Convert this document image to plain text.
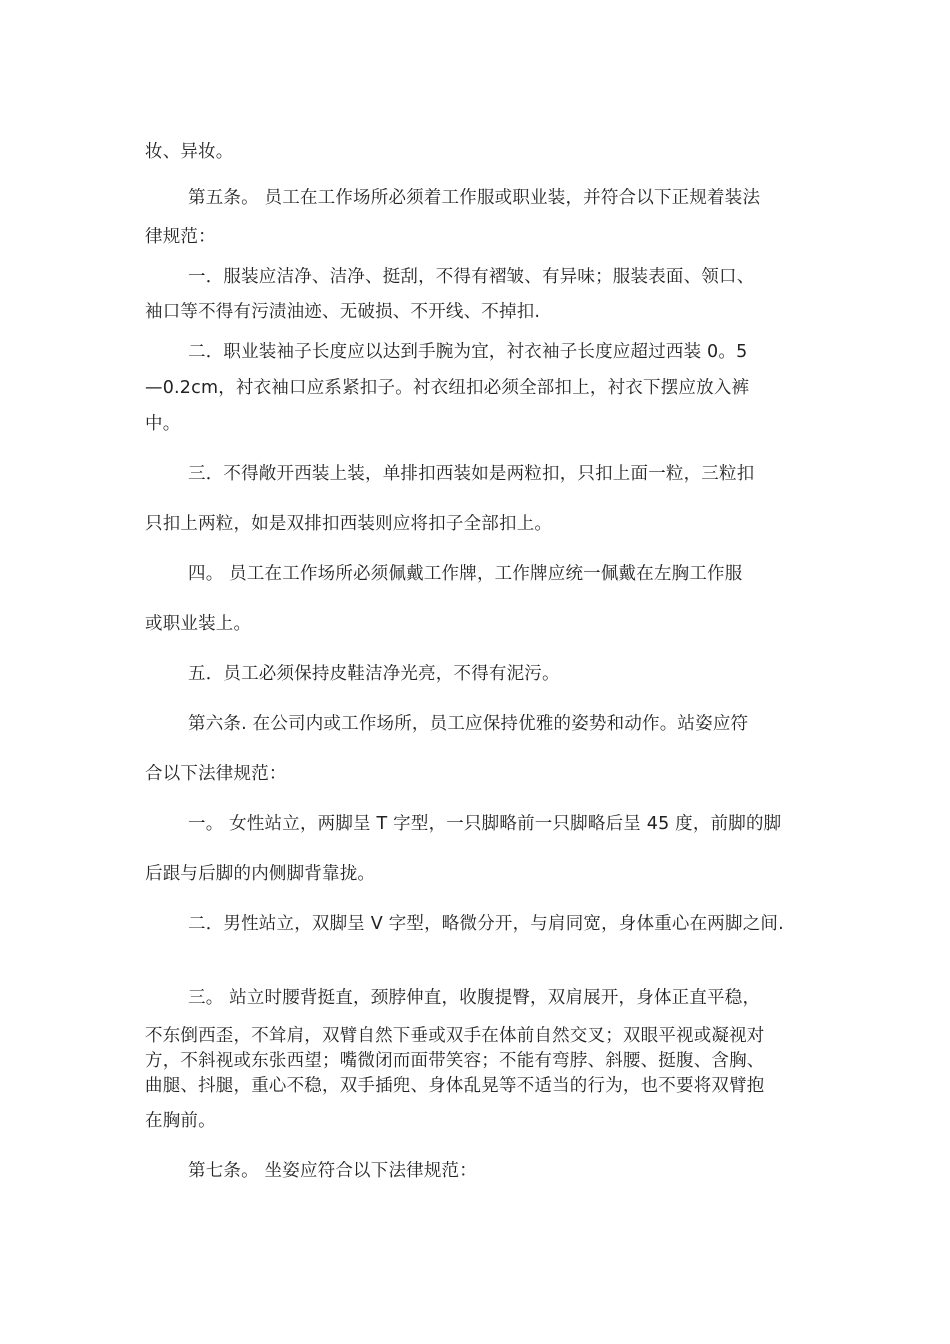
妆、异妆。
第五条。 员工在工作场所必须着工作服或职业装，并符合以下正规着装法
律规范：
一．服装应洁净、洁净、挺刮，不得有褶皱、有异味；服装表面、领口、
袖口等不得有污渍油迹、无破损、不开线、不掉扣.
二．职业装袖子长度应以达到手腕为宜，衬衣袖子长度应超过西装 0。5
—0.2cm，衬衣袖口应系紧扣子。衬衣纽扣必须全部扣上，衬衣下摆应放入裤
中。
三．不得敞开西装上装，单排扣西装如是两粒扣，只扣上面一粒，三粒扣
只扣上两粒，如是双排扣西装则应将扣子全部扣上。
四。 员工在工作场所必须佩戴工作牌，工作牌应统一佩戴在左胸工作服
或职业装上。
五．员工必须保持皮鞋洁净光亮，不得有泥污。
第六条. 在公司内或工作场所，员工应保持优雅的姿势和动作。站姿应符
合以下法律规范：
一。 女性站立，两脚呈 T 字型，一只脚略前一只脚略后呈 45 度，前脚的脚
后跟与后脚的内侧脚背靠拢。
二．男性站立，双脚呈 V 字型，略微分开，与肩同宽，身体重心在两脚之间.
三。 站立时腰背挺直，颈脖伸直，收腹提臀，双肩展开，身体正直平稳，
不东倒西歪，不耸肩，双臂自然下垂或双手在体前自然交叉；双眼平视或凝视对
方，不斜视或东张西望；嘴微闭而面带笑容；不能有弯脖、斜腰、挺腹、含胸、
曲腿、抖腿，重心不稳，双手插兜、身体乱晃等不适当的行为，也不要将双臂抱
在胸前。
第七条。 坐姿应符合以下法律规范：
